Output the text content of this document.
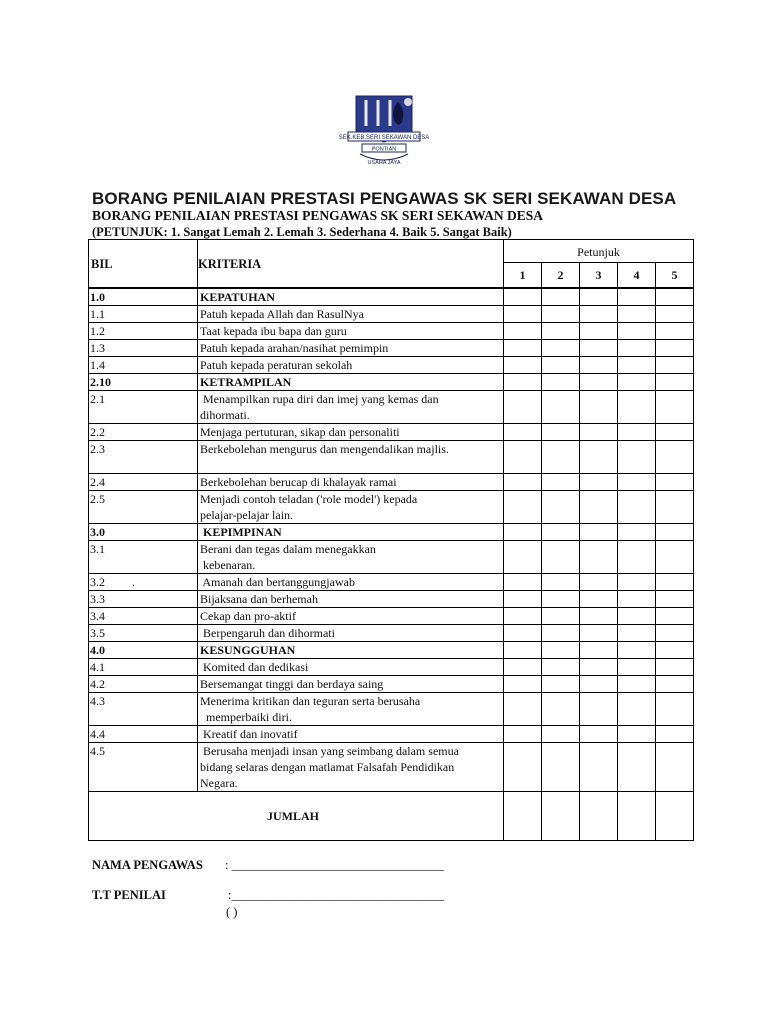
SEK.KEB.SERI SEKAWAN DESA
PONTIAN
USAHA JAYA
BORANG PENILAIAN PRESTASI PENGAWAS SK SERI SEKAWAN DESA
BORANG PENILAIAN PRESTASI PENGAWAS SK SERI SEKAWAN DESA
(PETUNJUK: 1. Sangat Lemah 2. Lemah 3. Sederhana 4. Baik 5. Sangat Baik)
BIL	KRITERIA	Petunjuk				
		1	2	3	4	5
1.0	KEPATUHAN					

1.1	Patuh kepada Allah dan RasulNya					

1.2	Taat kepada ibu bapa dan guru					

1.3	Patuh kepada arahan/nasihat pemimpin					

1.4	Patuh kepada peraturan sekolah					

2.10	KETRAMPILAN					

2.1	Menampilkan rupa diri dan imej yang kemas dan
dihormati.					

2.2	Menjaga pertuturan, sikap dan personaliti					

2.3	Berkebolehan mengurus dan mengendalikan majlis.					

2.4	Berkebolehan berucap di khalayak ramai					

2.5	Menjadi contoh teladan ('role model') kepada
pelajar-pelajar lain.					

3.0	KEPIMPINAN					

3.1	Berani dan tegas dalam menegakkan
kebenaran.					

3.2         .	Amanah dan bertanggungjawab					

3.3	Bijaksana dan berhemah					

3.4	Cekap dan pro-aktif					

3.5	Berpengaruh dan dihormati					

4.0	KESUNGGUHAN					

4.1	Komited dan dedikasi					

4.2	Bersemangat tinggi dan berdaya saing					

4.3	Menerima kritikan dan teguran serta berusaha
memperbaiki diri.					

4.4	Kreatif dan inovatif					

4.5	Berusaha menjadi insan yang seimbang dalam semua
bidang selaras dengan matlamat Falsafah Pendidikan
Negara.					

JUMLAH						
NAMA PENGAWAS : __________________________________
T.T PENILAI	:__________________________________
( )
